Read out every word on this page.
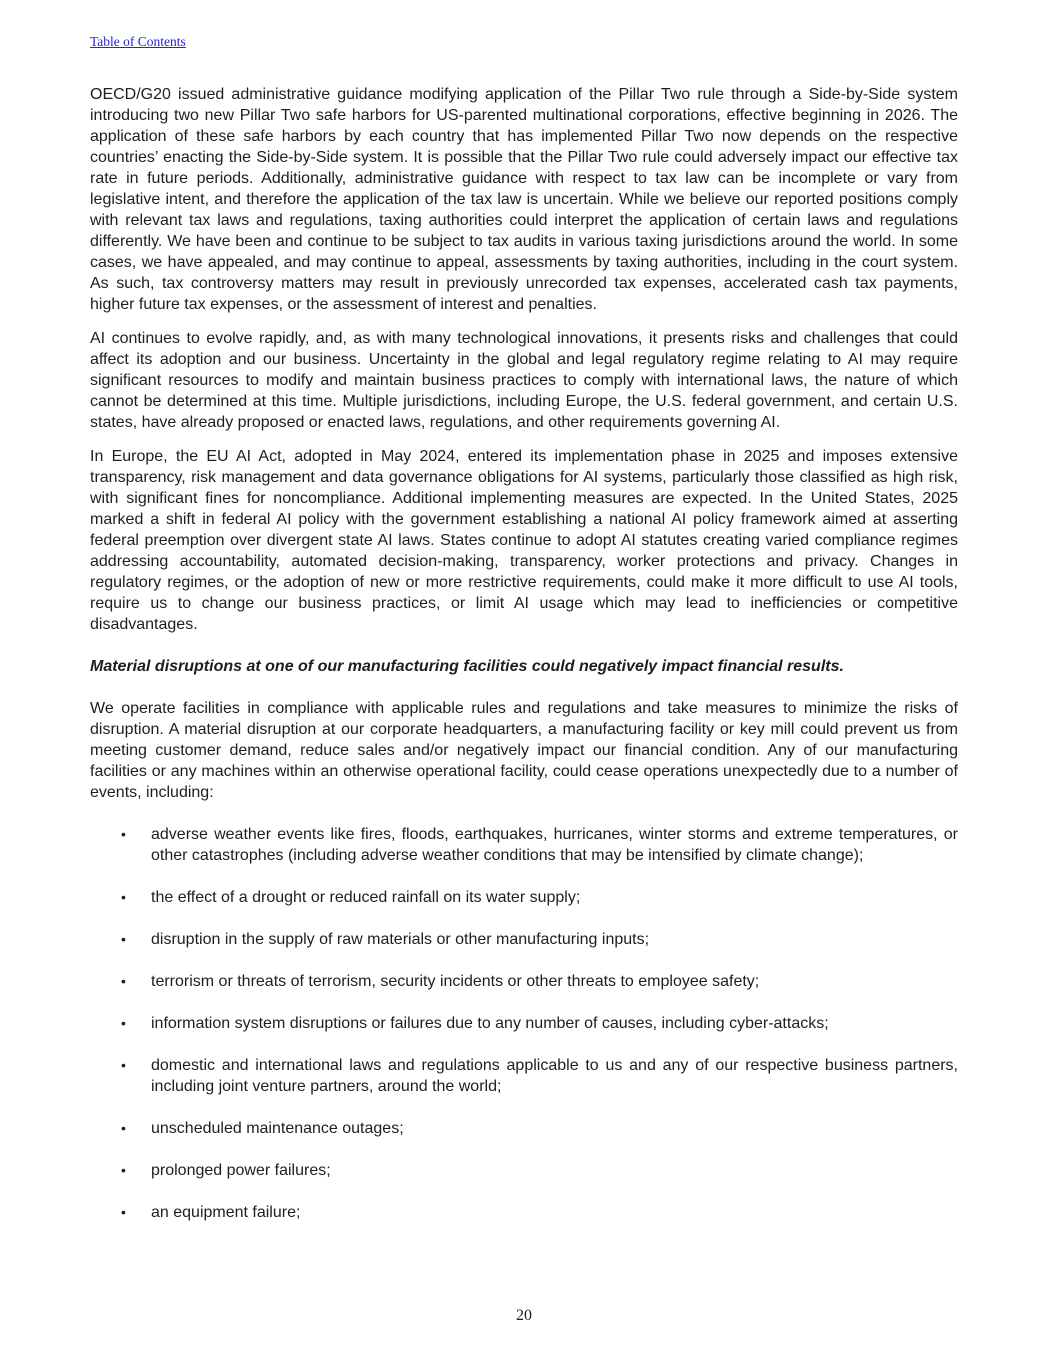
Table of Contents

OECD/G20 issued administrative guidance modifying application of the Pillar Two rule through a Side-by-Side system introducing two new Pillar Two safe harbors for US-parented multinational corporations, effective beginning in 2026. The application of these safe harbors by each country that has implemented Pillar Two now depends on the respective countries’ enacting the Side-by-Side system. It is possible that the Pillar Two rule could adversely impact our effective tax rate in future periods. Additionally, administrative guidance with respect to tax law can be incomplete or vary from legislative intent, and therefore the application of the tax law is uncertain. While we believe our reported positions comply with relevant tax laws and regulations, taxing authorities could interpret the application of certain laws and regulations differently. We have been and continue to be subject to tax audits in various taxing jurisdictions around the world. In some cases, we have appealed, and may continue to appeal, assessments by taxing authorities, including in the court system. As such, tax controversy matters may result in previously unrecorded tax expenses, accelerated cash tax payments, higher future tax expenses, or the assessment of interest and penalties.

AI continues to evolve rapidly, and, as with many technological innovations, it presents risks and challenges that could affect its adoption and our business. Uncertainty in the global and legal regulatory regime relating to AI may require significant resources to modify and maintain business practices to comply with international laws, the nature of which cannot be determined at this time. Multiple jurisdictions, including Europe, the U.S. federal government, and certain U.S. states, have already proposed or enacted laws, regulations, and other requirements governing AI.

In Europe, the EU AI Act, adopted in May 2024, entered its implementation phase in 2025 and imposes extensive transparency, risk management and data governance obligations for AI systems, particularly those classified as high risk, with significant fines for noncompliance. Additional implementing measures are expected. In the United States, 2025 marked a shift in federal AI policy with the government establishing a national AI policy framework aimed at asserting federal preemption over divergent state AI laws. States continue to adopt AI statutes creating varied compliance regimes addressing accountability, automated decision-making, transparency, worker protections and privacy. Changes in regulatory regimes, or the adoption of new or more restrictive requirements, could make it more difficult to use AI tools, require us to change our business practices, or limit AI usage which may lead to inefficiencies or competitive disadvantages.

Material disruptions at one of our manufacturing facilities could negatively impact financial results.

We operate facilities in compliance with applicable rules and regulations and take measures to minimize the risks of disruption. A material disruption at our corporate headquarters, a manufacturing facility or key mill could prevent us from meeting customer demand, reduce sales and/or negatively impact our financial condition. Any of our manufacturing facilities or any machines within an otherwise operational facility, could cease operations unexpectedly due to a number of events, including:

• adverse weather events like fires, floods, earthquakes, hurricanes, winter storms and extreme temperatures, or other catastrophes (including adverse weather conditions that may be intensified by climate change);
• the effect of a drought or reduced rainfall on its water supply;
• disruption in the supply of raw materials or other manufacturing inputs;
• terrorism or threats of terrorism, security incidents or other threats to employee safety;
• information system disruptions or failures due to any number of causes, including cyber-attacks;
• domestic and international laws and regulations applicable to us and any of our respective business partners, including joint venture partners, around the world;
• unscheduled maintenance outages;
• prolonged power failures;
• an equipment failure;
20
